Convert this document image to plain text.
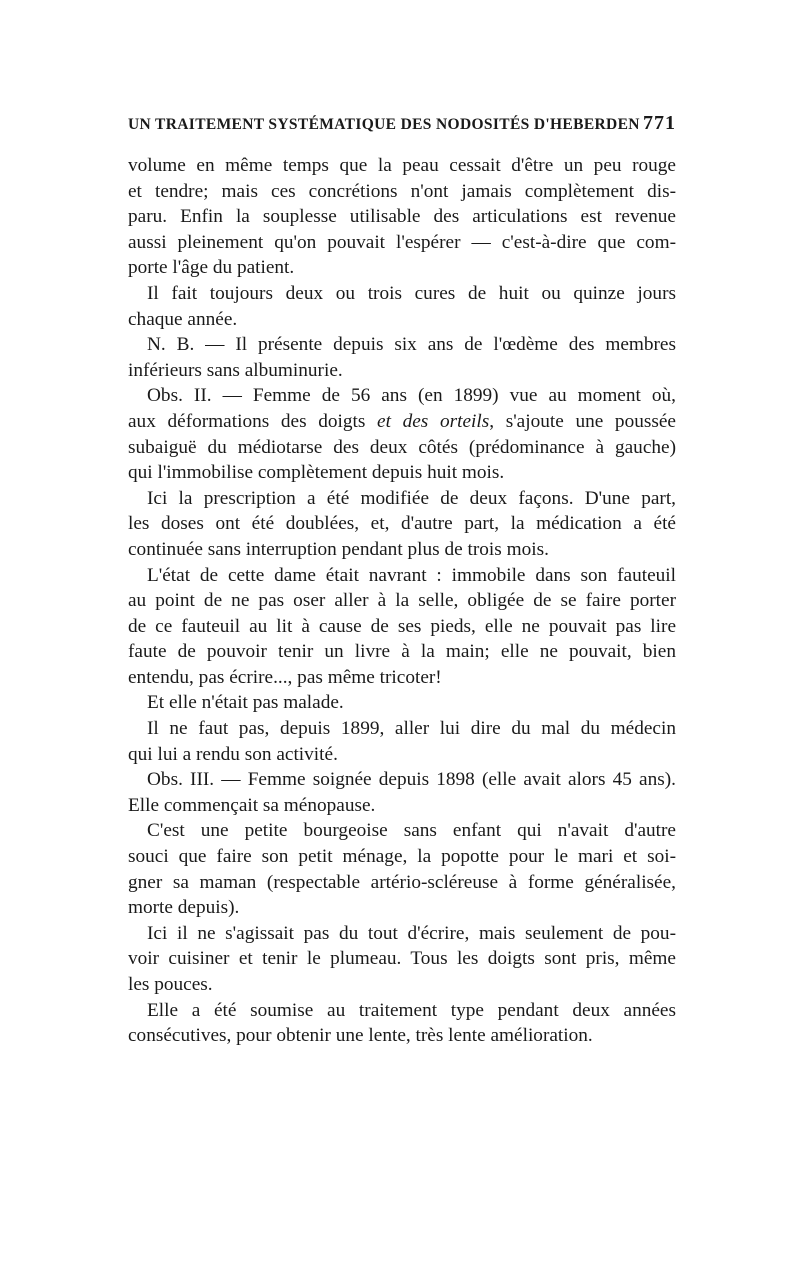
UN TRAITEMENT SYSTÉMATIQUE DES NODOSITÉS D'HEBERDEN 771
volume en même temps que la peau cessait d'être un peu rouge
et tendre; mais ces concrétions n'ont jamais complètement dis-
paru. Enfin la souplesse utilisable des articulations est revenue
aussi pleinement qu'on pouvait l'espérer — c'est-à-dire que com-
porte l'âge du patient.
Il fait toujours deux ou trois cures de huit ou quinze jours
chaque année.
N. B. — Il présente depuis six ans de l'œdème des membres
inférieurs sans albuminurie.
Obs. II. — Femme de 56 ans (en 1899) vue au moment où,
aux déformations des doigts et des orteils, s'ajoute une poussée
subaiguë du médiotarse des deux côtés (prédominance à gauche)
qui l'immobilise complètement depuis huit mois.
Ici la prescription a été modifiée de deux façons. D'une part,
les doses ont été doublées, et, d'autre part, la médication a été
continuée sans interruption pendant plus de trois mois.
L'état de cette dame était navrant : immobile dans son fauteuil
au point de ne pas oser aller à la selle, obligée de se faire porter
de ce fauteuil au lit à cause de ses pieds, elle ne pouvait pas lire
faute de pouvoir tenir un livre à la main; elle ne pouvait, bien
entendu, pas écrire..., pas même tricoter!
Et elle n'était pas malade.
Il ne faut pas, depuis 1899, aller lui dire du mal du médecin
qui lui a rendu son activité.
Obs. III. — Femme soignée depuis 1898 (elle avait alors 45 ans).
Elle commençait sa ménopause.
C'est une petite bourgeoise sans enfant qui n'avait d'autre
souci que faire son petit ménage, la popotte pour le mari et soi-
gner sa maman (respectable artério-scléreuse à forme généralisée,
morte depuis).
Ici il ne s'agissait pas du tout d'écrire, mais seulement de pou-
voir cuisiner et tenir le plumeau. Tous les doigts sont pris, même
les pouces.
Elle a été soumise au traitement type pendant deux années
consécutives, pour obtenir une lente, très lente amélioration.
